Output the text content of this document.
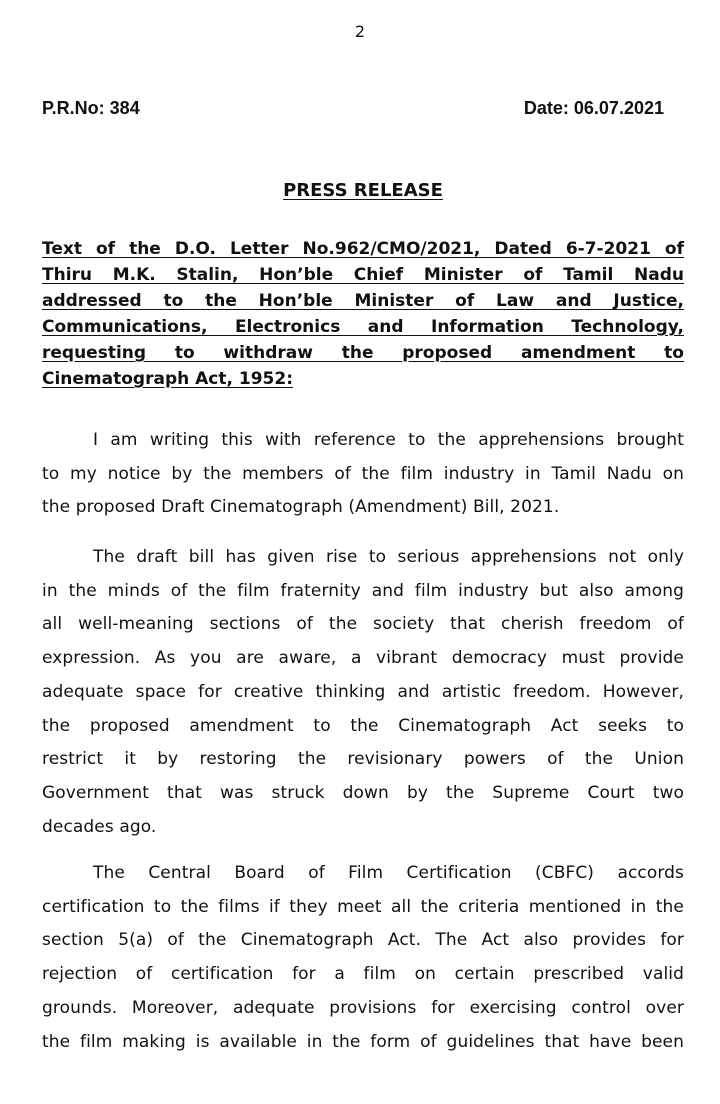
2
P.R.No: 384	Date: 06.07.2021
PRESS RELEASE
Text of the D.O. Letter No.962/CMO/2021, Dated 6-7-2021 of
Thiru M.K. Stalin, Hon’ble Chief Minister of Tamil Nadu
addressed to the Hon’ble Minister of Law and Justice,
Communications, Electronics and Information Technology,
requesting to withdraw the proposed amendment to
Cinematograph Act, 1952:
I am writing this with reference to the apprehensions brought
to my notice by the members of the film industry in Tamil Nadu on
the proposed Draft Cinematograph (Amendment) Bill, 2021.
The draft bill has given rise to serious apprehensions not only
in the minds of the film fraternity and film industry but also among
all well-meaning sections of the society that cherish freedom of
expression. As you are aware, a vibrant democracy must provide
adequate space for creative thinking and artistic freedom. However,
the proposed amendment to the Cinematograph Act seeks to
restrict it by restoring the revisionary powers of the Union
Government that was struck down by the Supreme Court two
decades ago.
The Central Board of Film Certification (CBFC) accords
certification to the films if they meet all the criteria mentioned in the
section 5(a) of the Cinematograph Act. The Act also provides for
rejection of certification for a film on certain prescribed valid
grounds. Moreover, adequate provisions for exercising control over
the film making is available in the form of guidelines that have been
